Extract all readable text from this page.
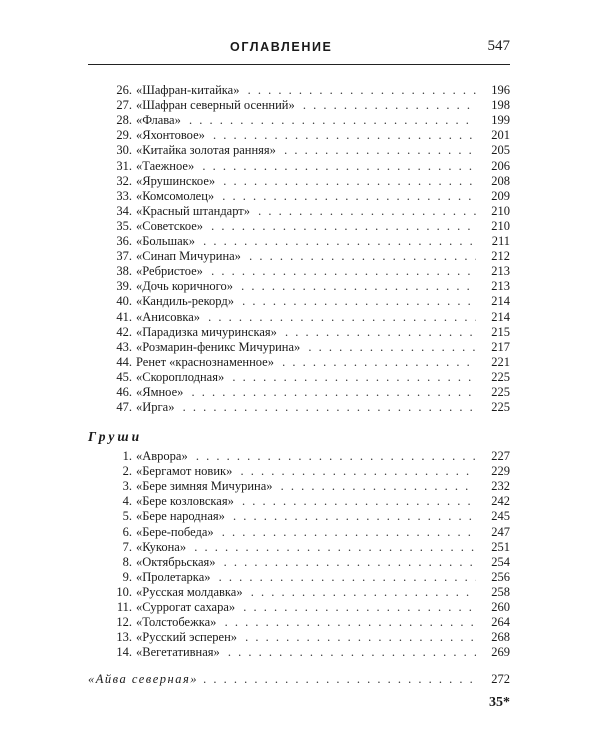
ОГЛАВЛЕНИЕ	547
26. «Шафран-китайка» . . .	196
27. «Шафран северный осенний» . . .	198
28. «Флава» . . .	199
29. «Яхонтовое» . . .	201
30. «Китайка золотая ранняя» . . .	205
31. «Таежное» . . .	206
32. «Ярушинское» . . .	208
33. «Комсомолец» . . .	209
34. «Красный штандарт» . . .	210
35. «Советское» . . .	210
36. «Большак» . . .	211
37. «Синап Мичурина» . . .	212
38. «Ребристое» . . .	213
39. «Дочь коричного» . . .	213
40. «Кандиль-рекорд» . . .	214
41. «Анисовка» . . .	214
42. «Парадизка мичуринская» . . .	215
43. «Розмарин-феникс Мичурина» . . .	217
44. Ренет «краснознаменное» . . .	221
45. «Скороплодная» . . .	225
46. «Ямное» . . .	225
47. «Ирга» . . .	225
Груши
1. «Аврора» . . .	227
2. «Бергамот новик» . . .	229
3. «Бере зимняя Мичурина» . . .	232
4. «Бере козловская» . . .	242
5. «Бере народная» . . .	245
6. «Бере-победа» . . .	247
7. «Кукона» . . .	251
8. «Октябрьская» . . .	254
9. «Пролетарка» . . .	256
10. «Русская молдавка» . . .	258
11. «Суррогат сахара» . . .	260
12. «Толстобежка» . . .	264
13. «Русский эсперен» . . .	268
14. «Вегетативная» . . .	269
«Айва северная» . . .	272
35*
